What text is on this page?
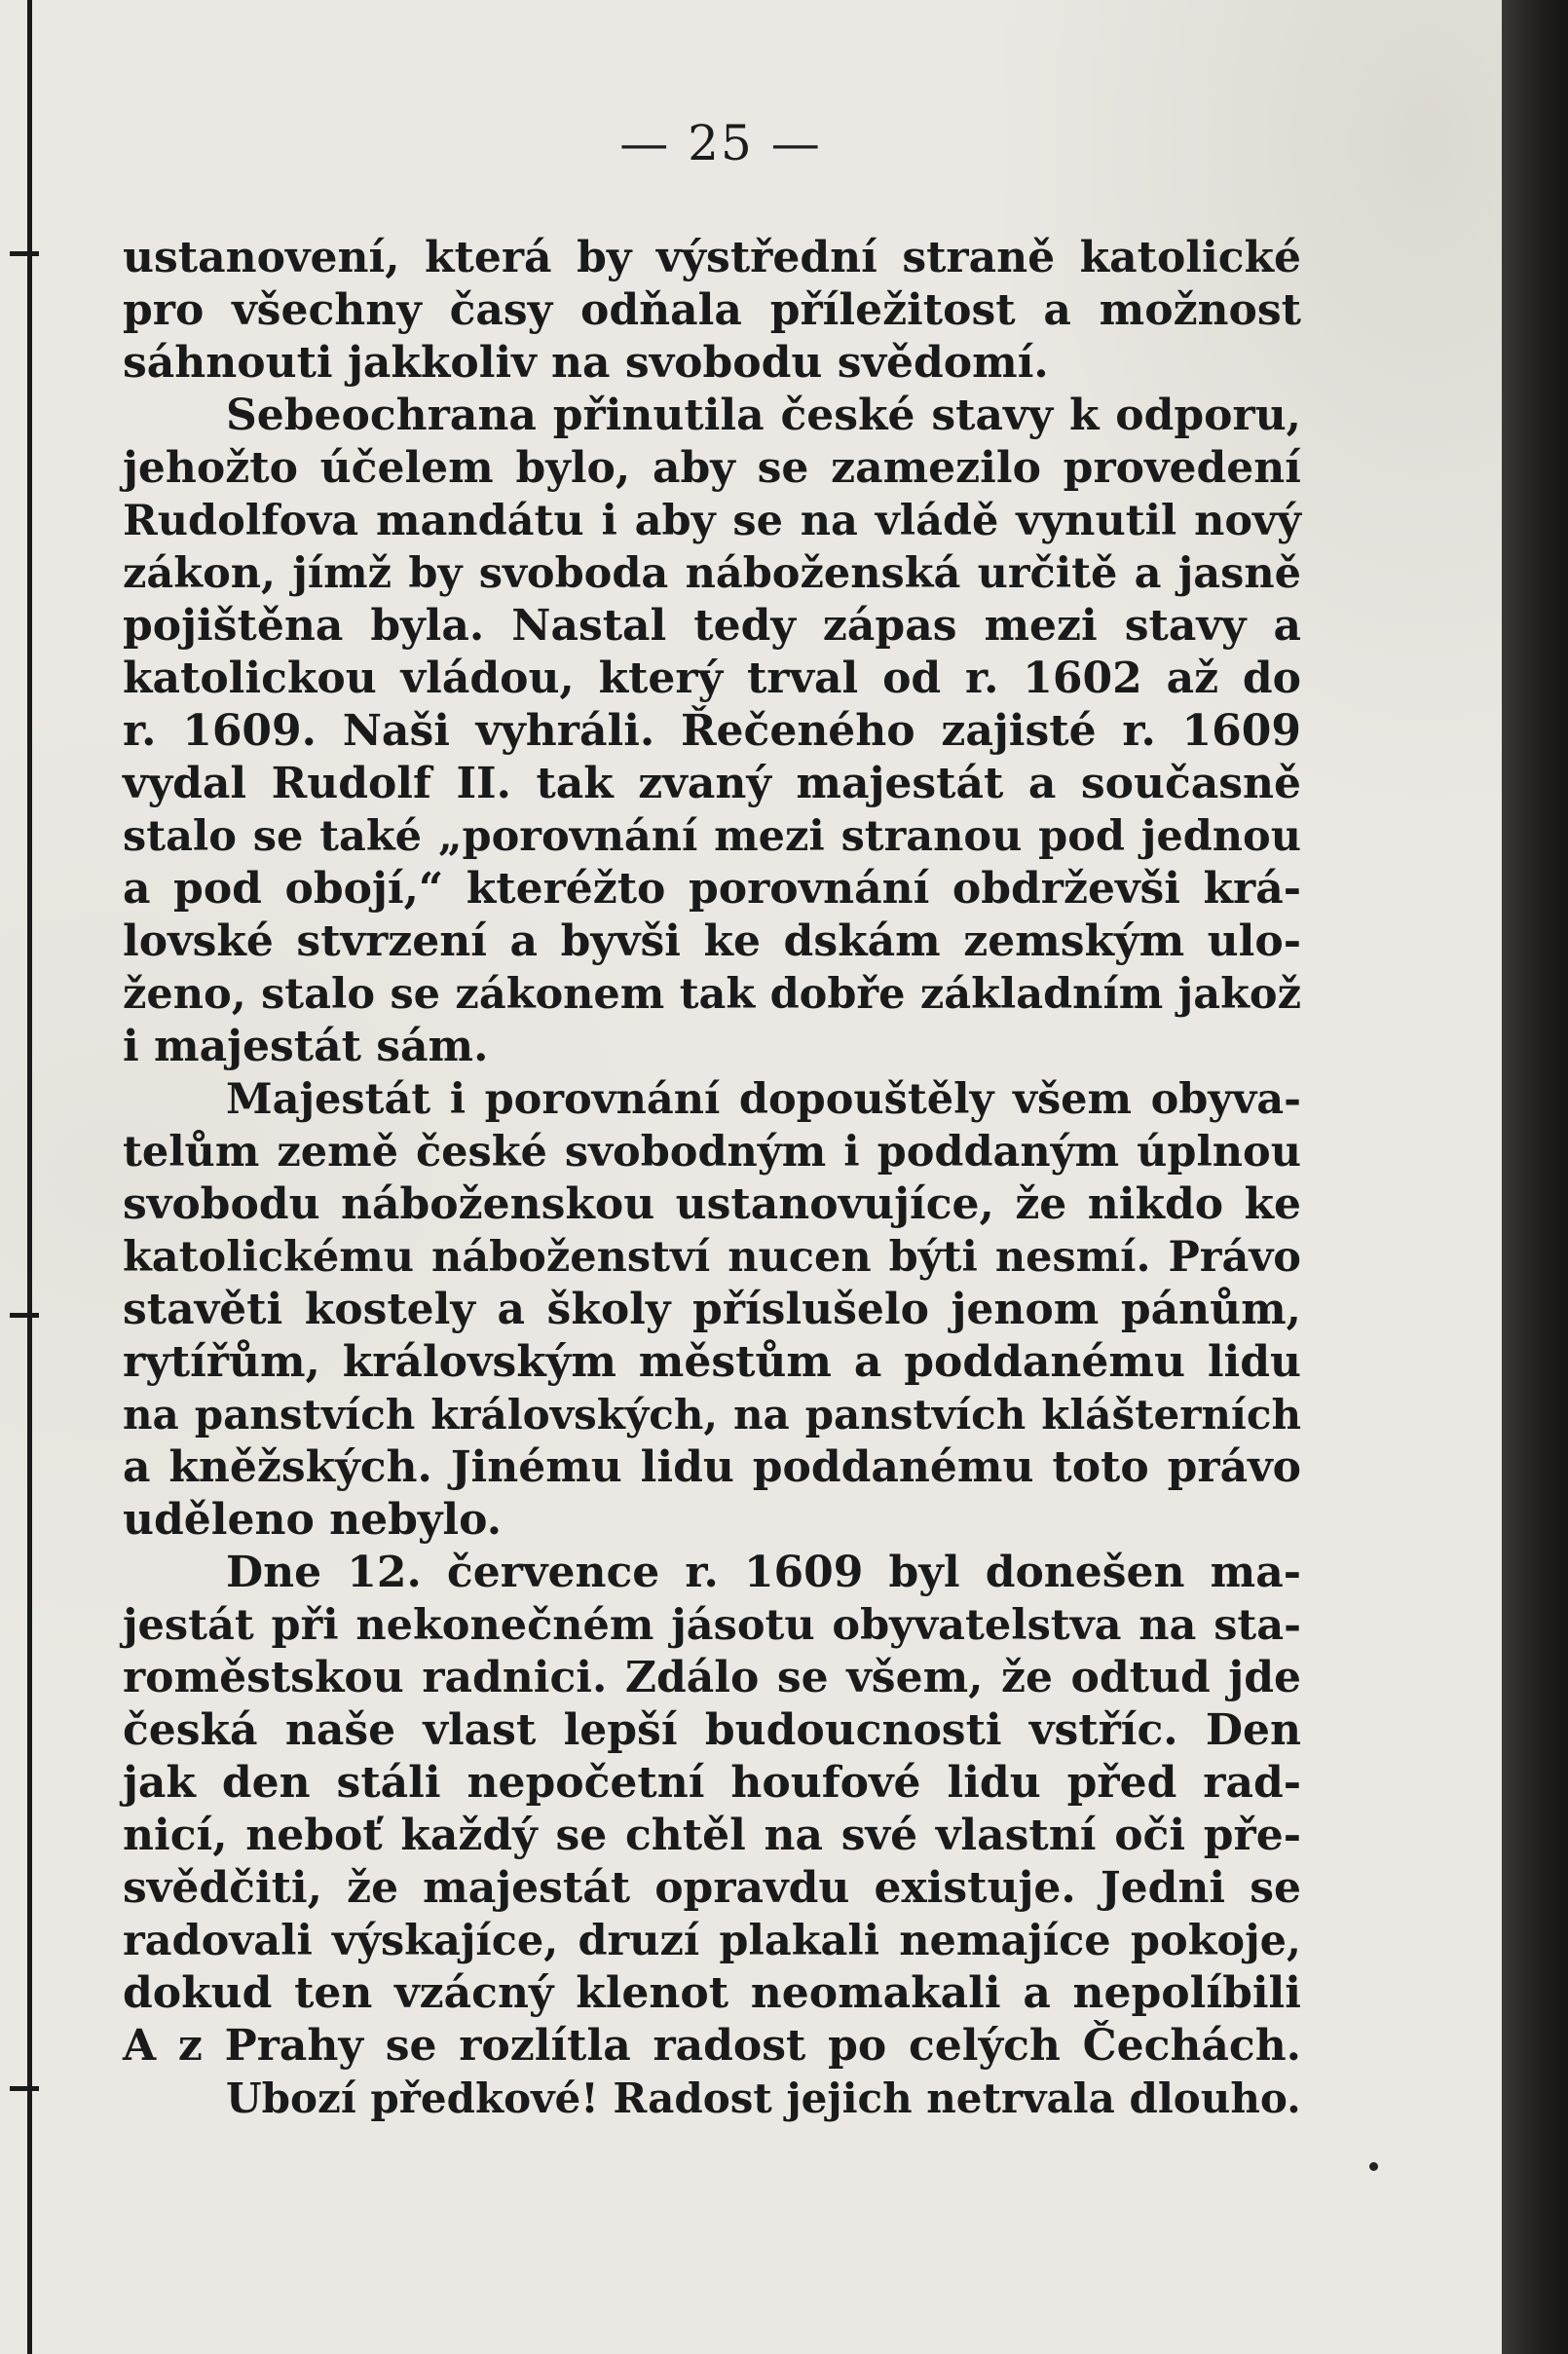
— 25 —
ustanovení, která by výstřední straně katolické
pro všechny časy odňala příležitost a možnost
sáhnouti jakkoliv na svobodu svědomí.
Sebeochrana přinutila české stavy k odporu,
jehožto účelem bylo, aby se zamezilo provedení
Rudolfova mandátu i aby se na vládě vynutil nový
zákon, jímž by svoboda náboženská určitě a jasně
pojištěna byla. Nastal tedy zápas mezi stavy a
katolickou vládou, který trval od r. 1602 až do
r. 1609. Naši vyhráli. Řečeného zajisté r. 1609
vydal Rudolf II. tak zvaný majestát a současně
stalo se také „porovnání mezi stranou pod jednou
a pod obojí,“ kteréžto porovnání obdrževši krá-
lovské stvrzení a byvši ke dskám zemským ulo-
ženo, stalo se zákonem tak dobře základním jakož
i majestát sám.
Majestát i porovnání dopouštěly všem obyva-
telům země české svobodným i poddaným úplnou
svobodu náboženskou ustanovujíce, že nikdo ke
katolickému náboženství nucen býti nesmí. Právo
stavěti kostely a školy příslušelo jenom pánům,
rytířům, královským městům a poddanému lidu
na panstvích královských, na panstvích klášterních
a kněžských. Jinému lidu poddanému toto právo
uděleno nebylo.
Dne 12. července r. 1609 byl donešen ma-
jestát při nekonečném jásotu obyvatelstva na sta-
roměstskou radnici. Zdálo se všem, že odtud jde
česká naše vlast lepší budoucnosti vstříc. Den
jak den stáli nepočetní houfové lidu před rad-
nicí, neboť každý se chtěl na své vlastní oči pře-
svědčiti, že majestát opravdu existuje. Jedni se
radovali výskajíce, druzí plakali nemajíce pokoje,
dokud ten vzácný klenot neomakali a nepolíbili
A z Prahy se rozlítla radost po celých Čechách.
Ubozí předkové! Radost jejich netrvala dlouho.
